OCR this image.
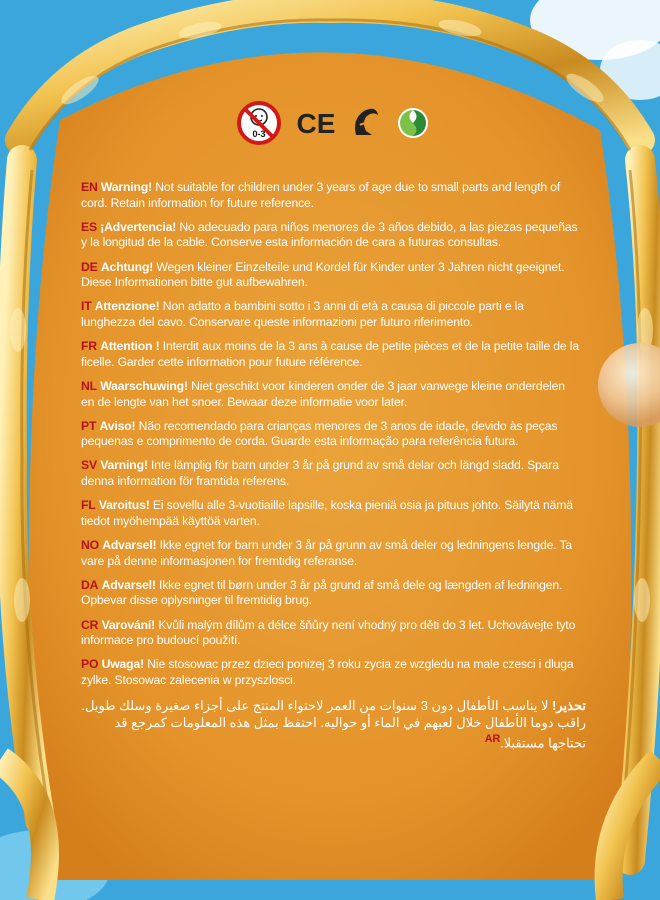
0-3 CE
EN Warning! Not suitable for children under 3 years of age due to small parts and length of cord. Retain information for future reference.
ES ¡Advertencia! No adecuado para niños menores de 3 años debido, a las piezas pequeñas y la longitud de la cable. Conserve esta información de cara a futuras consultas.
DE Achtung! Wegen kleiner Einzelteile und Kordel für Kinder unter 3 Jahren nicht geeignet. Diese Informationen bitte gut aufbewahren.
IT Attenzione! Non adatto a bambini sotto i 3 anni di età a causa di piccole parti e la lunghezza del cavo. Conservare queste informazioni per futuro riferimento.
FR Attention ! Interdit aux moins de la 3 ans à cause de petite pièces et de la petite taille de la ficelle. Garder cette information pour future référence.
NL Waarschuwing! Niet geschikt voor kinderen onder de 3 jaar vanwege kleine onderdelen en de lengte van het snoer. Bewaar deze informatie voor later.
PT Aviso! Não recomendado para crianças menores de 3 anos de idade, devido às peças pequenas e comprimento de corda. Guarde esta informação para referência futura.
SV Varning! Inte lämplig för barn under 3 år på grund av små delar och längd sladd. Spara denna information för framtida referens.
FL Varoitus! Ei sovellu alle 3-vuotiaille lapsille, koska pieniä osia ja pituus johto. Säilytä nämä tiedot myöhempää käyttöä varten.
NO Advarsel! Ikke egnet for barn under 3 år på grunn av små deler og ledningens lengde. Ta vare på denne informasjonen for fremtidig referanse.
DA Advarsel! Ikke egnet til børn under 3 år på grund af små dele og længden af ledningen. Opbevar disse oplysninger til fremtidig brug.
CR Varování! Kvůli malým dílům a délce šňůry není vhodný pro děti do 3 let. Uchovávejte tyto informace pro budoucí použití.
PO Uwaga! Nie stosowac przez dzieci ponizej 3 roku zycia ze wzgledu na male czesci i dluga zylke. Stosowac zalecenia w przyszlosci.
تحذير! لا يناسب الأطفال دون 3 سنوات من العمر لاحتواء المنتج على أجزاء صغيرة وسلك طويل. راقب دوما الأطفال خلال لعبهم في الماء أو حواليه. احتفظ بمثل هذه المعلومات كمرجع قد تحتاجها مستقبلا.$^{AR}$
